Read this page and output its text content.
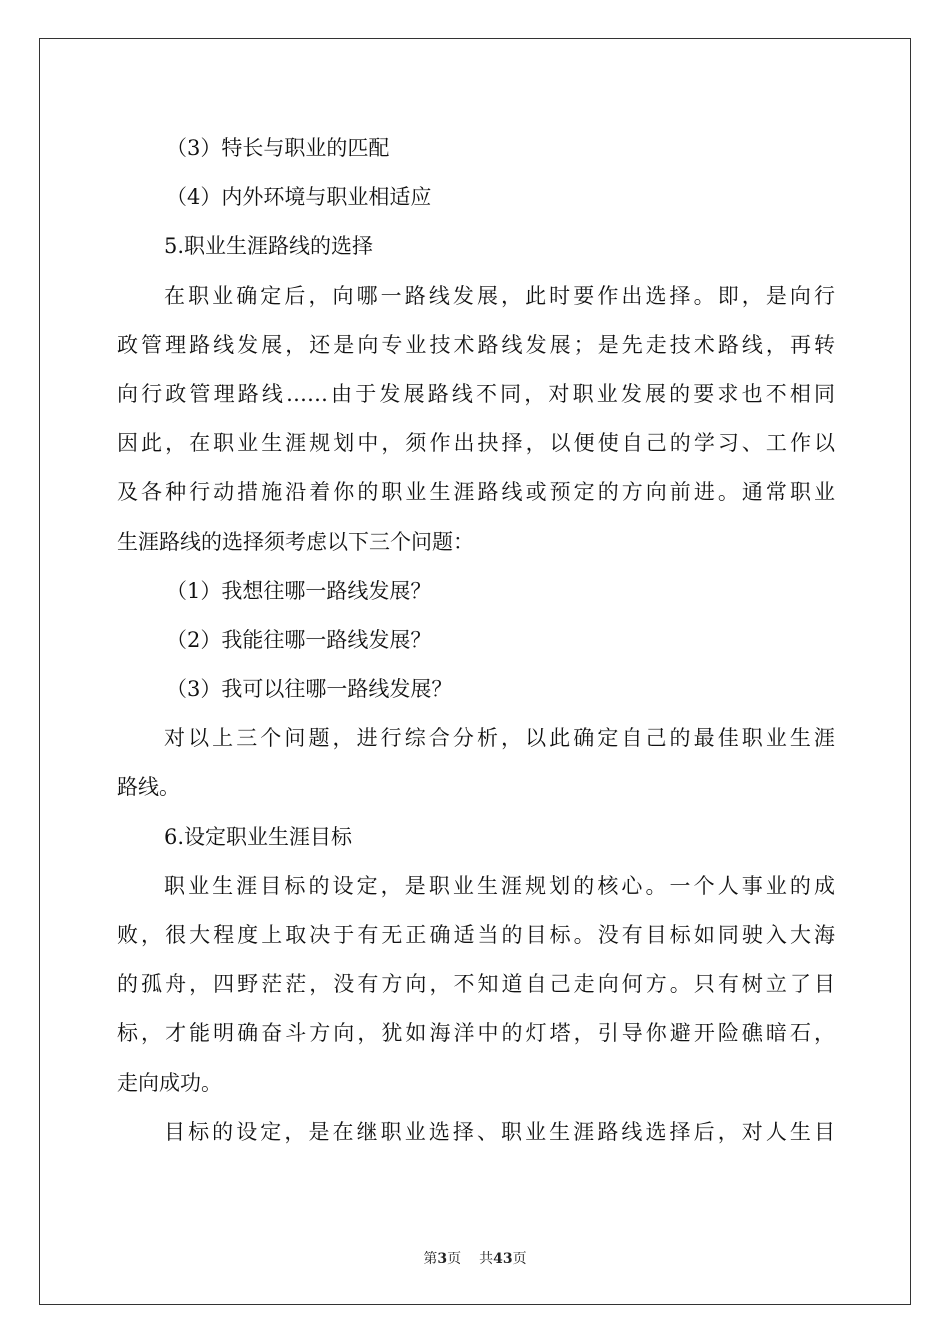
（3）特长与职业的匹配
（4）内外环境与职业相适应
5.职业生涯路线的选择
在职业确定后，向哪一路线发展，此时要作出选择。即，是向行
政管理路线发展，还是向专业技术路线发展；是先走技术路线，再转
向行政管理路线……由于发展路线不同，对职业发展的要求也不相同
因此，在职业生涯规划中，须作出抉择，以便使自己的学习、工作以
及各种行动措施沿着你的职业生涯路线或预定的方向前进。通常职业
生涯路线的选择须考虑以下三个问题：
（1）我想往哪一路线发展？
（2）我能往哪一路线发展？
（3）我可以往哪一路线发展？
对以上三个问题，进行综合分析，以此确定自己的最佳职业生涯
路线。
6.设定职业生涯目标
职业生涯目标的设定，是职业生涯规划的核心。一个人事业的成
败，很大程度上取决于有无正确适当的目标。没有目标如同驶入大海
的孤舟，四野茫茫，没有方向，不知道自己走向何方。只有树立了目
标，才能明确奋斗方向，犹如海洋中的灯塔，引导你避开险礁暗石，
走向成功。
目标的设定，是在继职业选择、职业生涯路线选择后，对人生目
第3页 共43页
